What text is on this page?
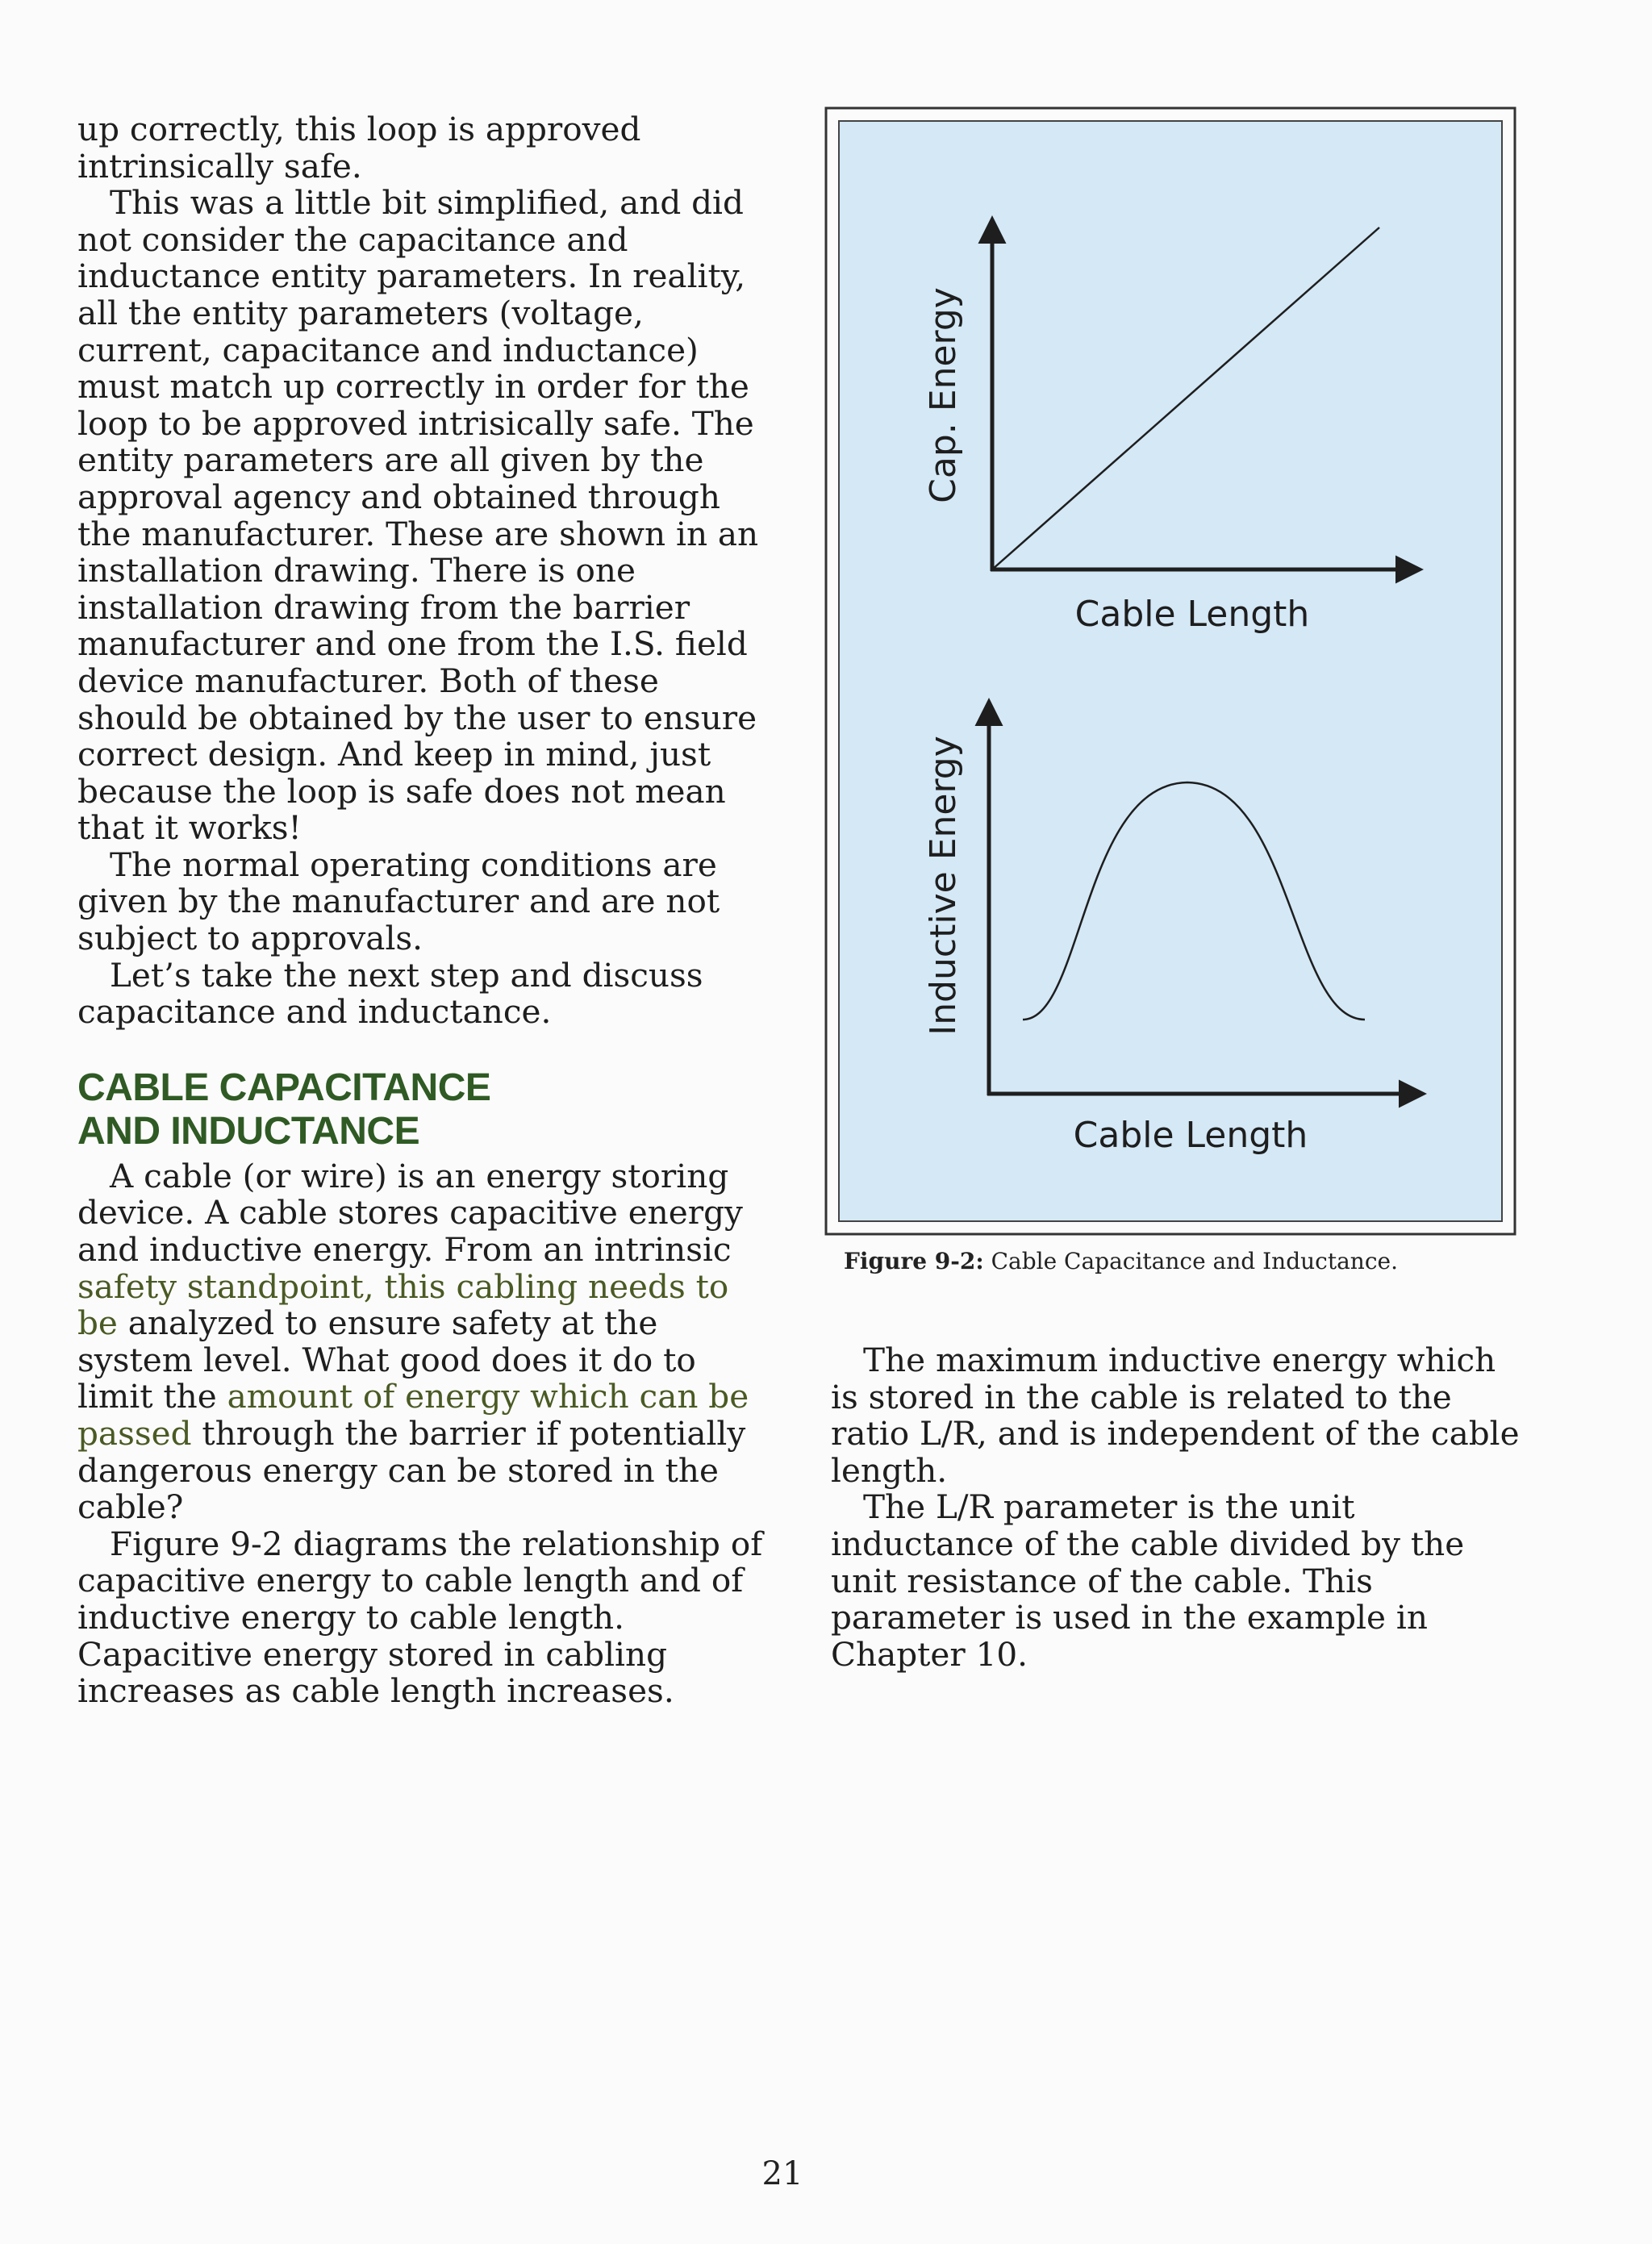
up correctly, this loop is approved intrinsically safe.

This was a little bit simplified, and did not consider the capacitance and inductance entity parameters. In reality, all the entity parameters (voltage, current, capacitance and inductance) must match up correctly in order for the loop to be approved intrisically safe. The entity parameters are all given by the approval agency and obtained through the manufacturer. These are shown in an installation drawing. There is one installation drawing from the barrier manufacturer and one from the I.S. field device manufacturer. Both of these should be obtained by the user to ensure correct design. And keep in mind, just because the loop is safe does not mean that it works!

The normal operating conditions are given by the manufacturer and are not subject to approvals.

Let’s take the next step and discuss capacitance and inductance.

CABLE CAPACITANCE
AND INDUCTANCE

A cable (or wire) is an energy storing device. A cable stores capacitive energy and inductive energy. From an intrinsic safety standpoint, this cabling needs to be analyzed to ensure safety at the system level. What good does it do to limit the amount of energy which can be passed through the barrier if potentially dangerous energy can be stored in the cable?

Figure 9-2 diagrams the relationship of capacitive energy to cable length and of inductive energy to cable length. Capacitive energy stored in cabling increases as cable length increases.

Cap. Energy
Cable Length
Inductive Energy
Cable Length
Figure 9-2: Cable Capacitance and Inductance.

The maximum inductive energy which is stored in the cable is related to the ratio L/R, and is independent of the cable length.

The L/R parameter is the unit inductance of the cable divided by the unit resistance of the cable. This parameter is used in the example in Chapter 10.

21
